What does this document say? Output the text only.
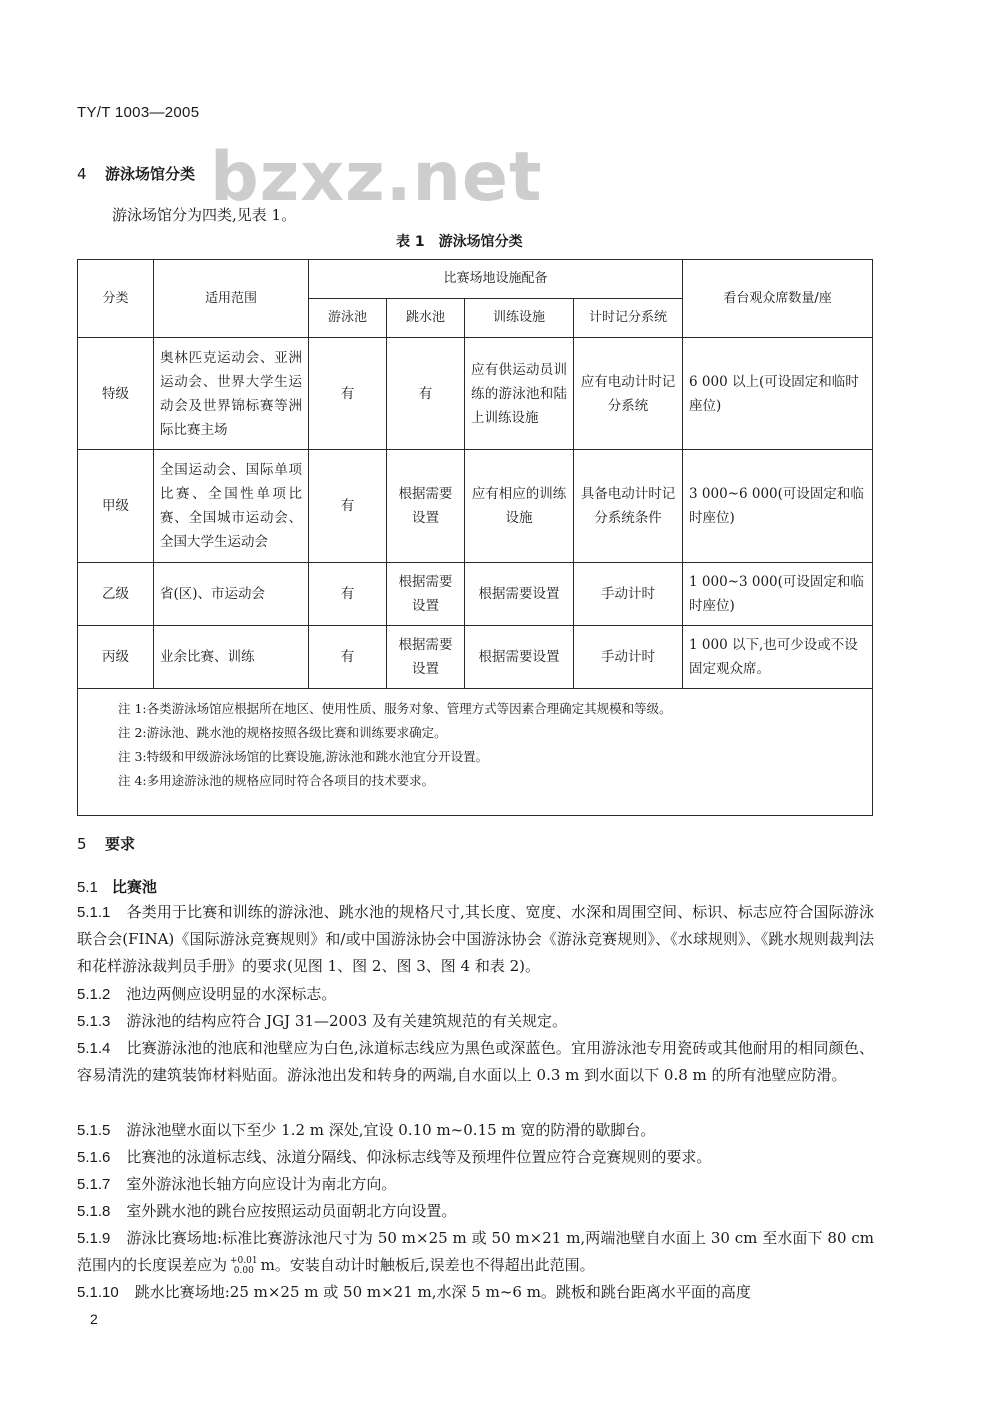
TY/T 1003—2005
bzxz.net
4 游泳场馆分类
游泳场馆分为四类,见表 1。
表 1 游泳场馆分类
分类	适用范围	比赛场地设施配备				看台观众席数量/座
		游泳池	跳水池	训练设施	计时记分系统	
特级	奥林匹克运动会、亚洲运动会、世界大学生运动会及世界锦标赛等洲际比赛主场	有	有	应有供运动员训练的游泳池和陆上训练设施	应有电动计时记分系统	6 000 以上(可设固定和临时座位)
甲级	全国运动会、国际单项比赛、全国性单项比赛、全国城市运动会、全国大学生运动会	有	根据需要设置	应有相应的训练设施	具备电动计时记分系统条件	3 000~6 000(可设固定和临时座位)
乙级	省(区)、市运动会	有	根据需要设置	根据需要设置	手动计时	1 000~3 000(可设固定和临时座位)
丙级	业余比赛、训练	有	根据需要设置	根据需要设置	手动计时	1 000 以下,也可少设或不设固定观众席。

注 1:各类游泳场馆应根据所在地区、使用性质、服务对象、管理方式等因素合理确定其规模和等级。
注 2:游泳池、跳水池的规格按照各级比赛和训练要求确定。
注 3:特级和甲级游泳场馆的比赛设施,游泳池和跳水池宜分开设置。
注 4:多用途游泳池的规格应同时符合各项目的技术要求。						
5 要求
5.1 比赛池
5.1.1 各类用于比赛和训练的游泳池、跳水池的规格尺寸,其长度、宽度、水深和周围空间、标识、标志应符合国际游泳联合会(FINA)《国际游泳竞赛规则》和/或中国游泳协会中国游泳协会《游泳竞赛规则》、《水球规则》、《跳水规则裁判法和花样游泳裁判员手册》的要求(见图 1、图 2、图 3、图 4 和表 2)。
5.1.2 池边两侧应设明显的水深标志。
5.1.3 游泳池的结构应符合 JGJ 31—2003 及有关建筑规范的有关规定。
5.1.4 比赛游泳池的池底和池壁应为白色,泳道标志线应为黑色或深蓝色。宜用游泳池专用瓷砖或其他耐用的相同颜色、容易清洗的建筑装饰材料贴面。游泳池出发和转身的两端,自水面以上 0.3 m 到水面以下 0.8 m 的所有池壁应防滑。
5.1.5 游泳池壁水面以下至少 1.2 m 深处,宜设 0.10 m~0.15 m 宽的防滑的歇脚台。
5.1.6 比赛池的泳道标志线、泳道分隔线、仰泳标志线等及预埋件位置应符合竞赛规则的要求。
5.1.7 室外游泳池长轴方向应设计为南北方向。
5.1.8 室外跳水池的跳台应按照运动员面朝北方向设置。
5.1.9 游泳比赛场地:标准比赛游泳池尺寸为 50 m×25 m 或 50 m×21 m,两端池壁自水面上 30 cm 至水面下 80 cm 范围内的长度误差应为 +0.01
0.00 m。安装自动计时触板后,误差也不得超出此范围。
5.1.10 跳水比赛场地:25 m×25 m 或 50 m×21 m,水深 5 m~6 m。跳板和跳台距离水平面的高度
2
